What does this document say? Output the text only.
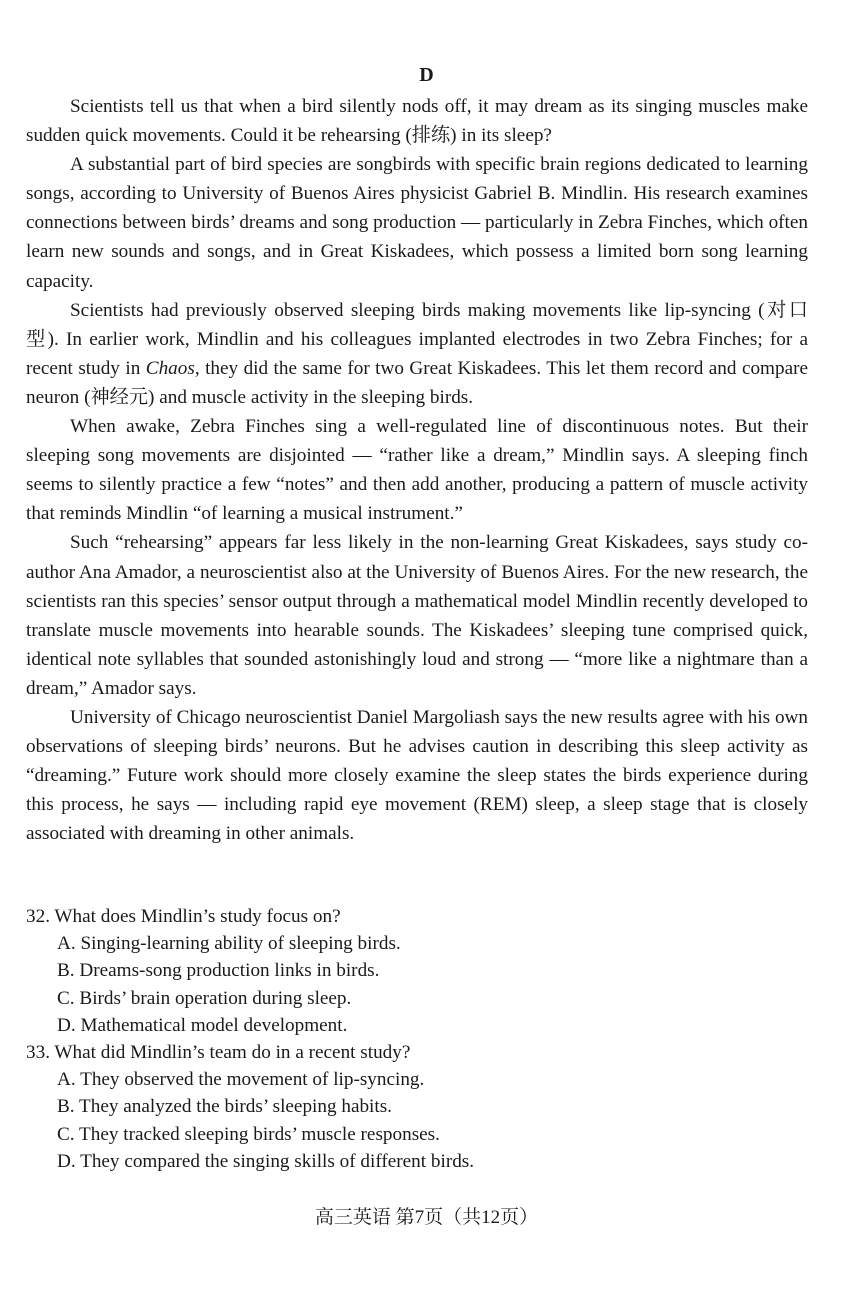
D

Scientists tell us that when a bird silently nods off, it may dream as its singing muscles make sudden quick movements. Could it be rehearsing (排练) in its sleep?

A substantial part of bird species are songbirds with specific brain regions dedicated to learning songs, according to University of Buenos Aires physicist Gabriel B. Mindlin. His research examines connections between birds’ dreams and song production — particularly in Zebra Finches, which often learn new sounds and songs, and in Great Kiskadees, which possess a limited born song learning capacity.

Scientists had previously observed sleeping birds making movements like lip-syncing (对口型). In earlier work, Mindlin and his colleagues implanted electrodes in two Zebra Finches; for a recent study in Chaos, they did the same for two Great Kiskadees. This let them record and compare neuron (神经元) and muscle activity in the sleeping birds.

When awake, Zebra Finches sing a well-regulated line of discontinuous notes. But their sleeping song movements are disjointed — “rather like a dream,” Mindlin says. A sleeping finch seems to silently practice a few “notes” and then add another, producing a pattern of muscle activity that reminds Mindlin “of learning a musical instrument.”

Such “rehearsing” appears far less likely in the non-learning Great Kiskadees, says study co-author Ana Amador, a neuroscientist also at the University of Buenos Aires. For the new research, the scientists ran this species’ sensor output through a mathematical model Mindlin recently developed to translate muscle movements into hearable sounds. The Kiskadees’ sleeping tune comprised quick, identical note syllables that sounded astonishingly loud and strong — “more like a nightmare than a dream,” Amador says.

University of Chicago neuroscientist Daniel Margoliash says the new results agree with his own observations of sleeping birds’ neurons. But he advises caution in describing this sleep activity as “dreaming.” Future work should more closely examine the sleep states the birds experience during this process, he says — including rapid eye movement (REM) sleep, a sleep stage that is closely associated with dreaming in other animals.

32. What does Mindlin’s study focus on?

A. Singing-learning ability of sleeping birds.
B. Dreams-song production links in birds.
C. Birds’ brain operation during sleep.
D. Mathematical model development.

33. What did Mindlin’s team do in a recent study?

A. They observed the movement of lip-syncing.
B. They analyzed the birds’ sleeping habits.
C. They tracked sleeping birds’ muscle responses.
D. They compared the singing skills of different birds.
高三英语 第7页（共12页）
